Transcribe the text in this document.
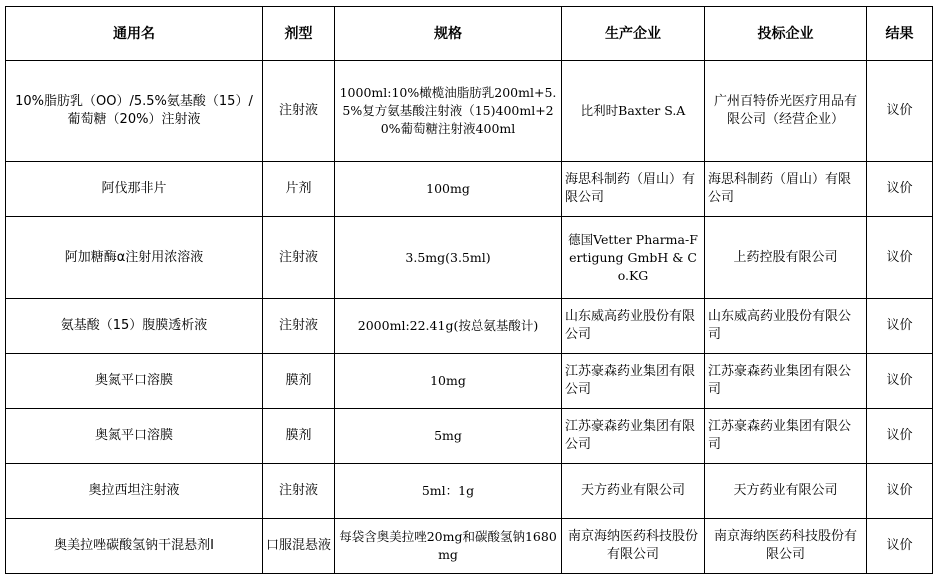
通用名	剂型	规格	生产企业	投标企业	结果
10%脂肪乳（OO）/5.5%氨基酸（15）/葡萄糖（20%）注射液	注射液	1000ml:10%橄榄油脂肪乳200ml+5.5%复方氨基酸注射液（15)400ml+20%葡萄糖注射液400ml	比利时Baxter S.A	广州百特侨光医疗用品有限公司（经营企业）	议价
阿伐那非片	片剂	100mg	海思科制药（眉山）有限公司	海思科制药（眉山）有限公司	议价
阿加糖酶α注射用浓溶液	注射液	3.5mg(3.5ml)	德国Vetter Pharma-Fertigung GmbH & Co.KG	上药控股有限公司	议价
氨基酸（15）腹膜透析液	注射液	2000ml:22.41g(按总氨基酸计)	山东威高药业股份有限公司	山东威高药业股份有限公司	议价
奥氮平口溶膜	膜剂	10mg	江苏豪森药业集团有限公司	江苏豪森药业集团有限公司	议价
奥氮平口溶膜	膜剂	5mg	江苏豪森药业集团有限公司	江苏豪森药业集团有限公司	议价
奥拉西坦注射液	注射液	5ml：1g	天方药业有限公司	天方药业有限公司	议价
奥美拉唑碳酸氢钠干混悬剂Ⅰ	口服混悬液	每袋含奥美拉唑20mg和碳酸氢钠1680mg	南京海纳医药科技股份有限公司	南京海纳医药科技股份有限公司	议价
